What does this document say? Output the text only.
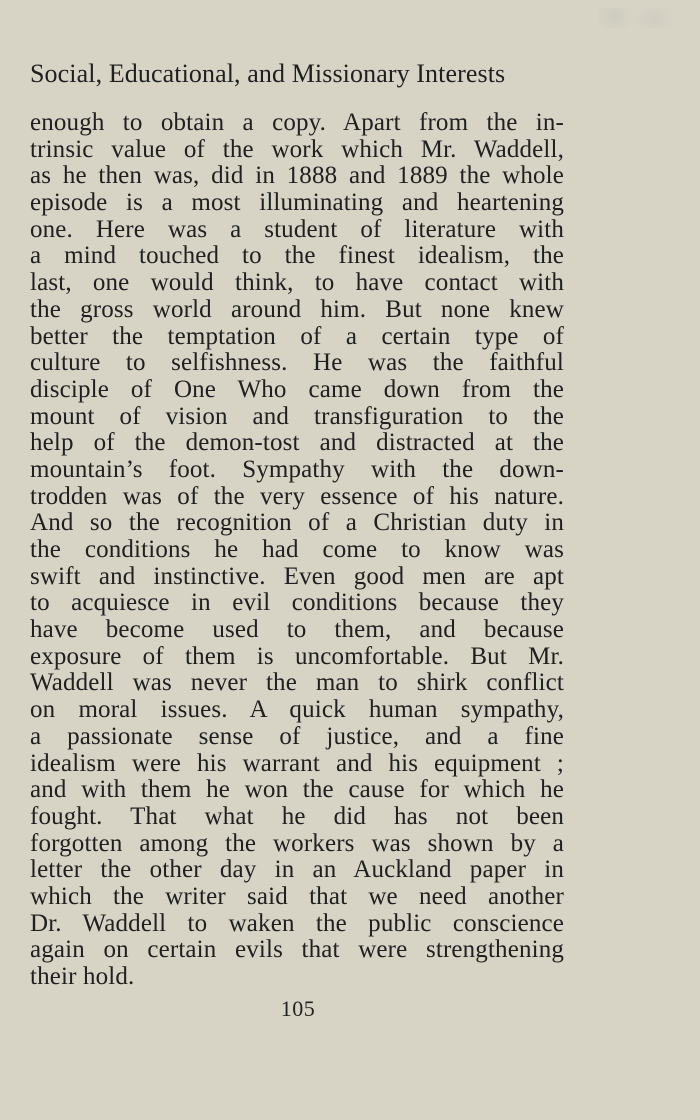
Social, Educational, and Missionary Interests
enough to obtain a copy. Apart from the in-
trinsic value of the work which Mr. Waddell,
as he then was, did in 1888 and 1889 the whole
episode is a most illuminating and heartening
one. Here was a student of literature with
a mind touched to the finest idealism, the
last, one would think, to have contact with
the gross world around him. But none knew
better the temptation of a certain type of
culture to selfishness. He was the faithful
disciple of One Who came down from the
mount of vision and transfiguration to the
help of the demon-tost and distracted at the
mountain’s foot. Sympathy with the down-
trodden was of the very essence of his nature.
And so the recognition of a Christian duty in
the conditions he had come to know was
swift and instinctive. Even good men are apt
to acquiesce in evil conditions because they
have become used to them, and because
exposure of them is uncomfortable. But Mr.
Waddell was never the man to shirk conflict
on moral issues. A quick human sympathy,
a passionate sense of justice, and a fine
idealism were his warrant and his equipment ;
and with them he won the cause for which he
fought. That what he did has not been
forgotten among the workers was shown by a
letter the other day in an Auckland paper in
which the writer said that we need another
Dr. Waddell to waken the public conscience
again on certain evils that were strengthening
their hold.
105
